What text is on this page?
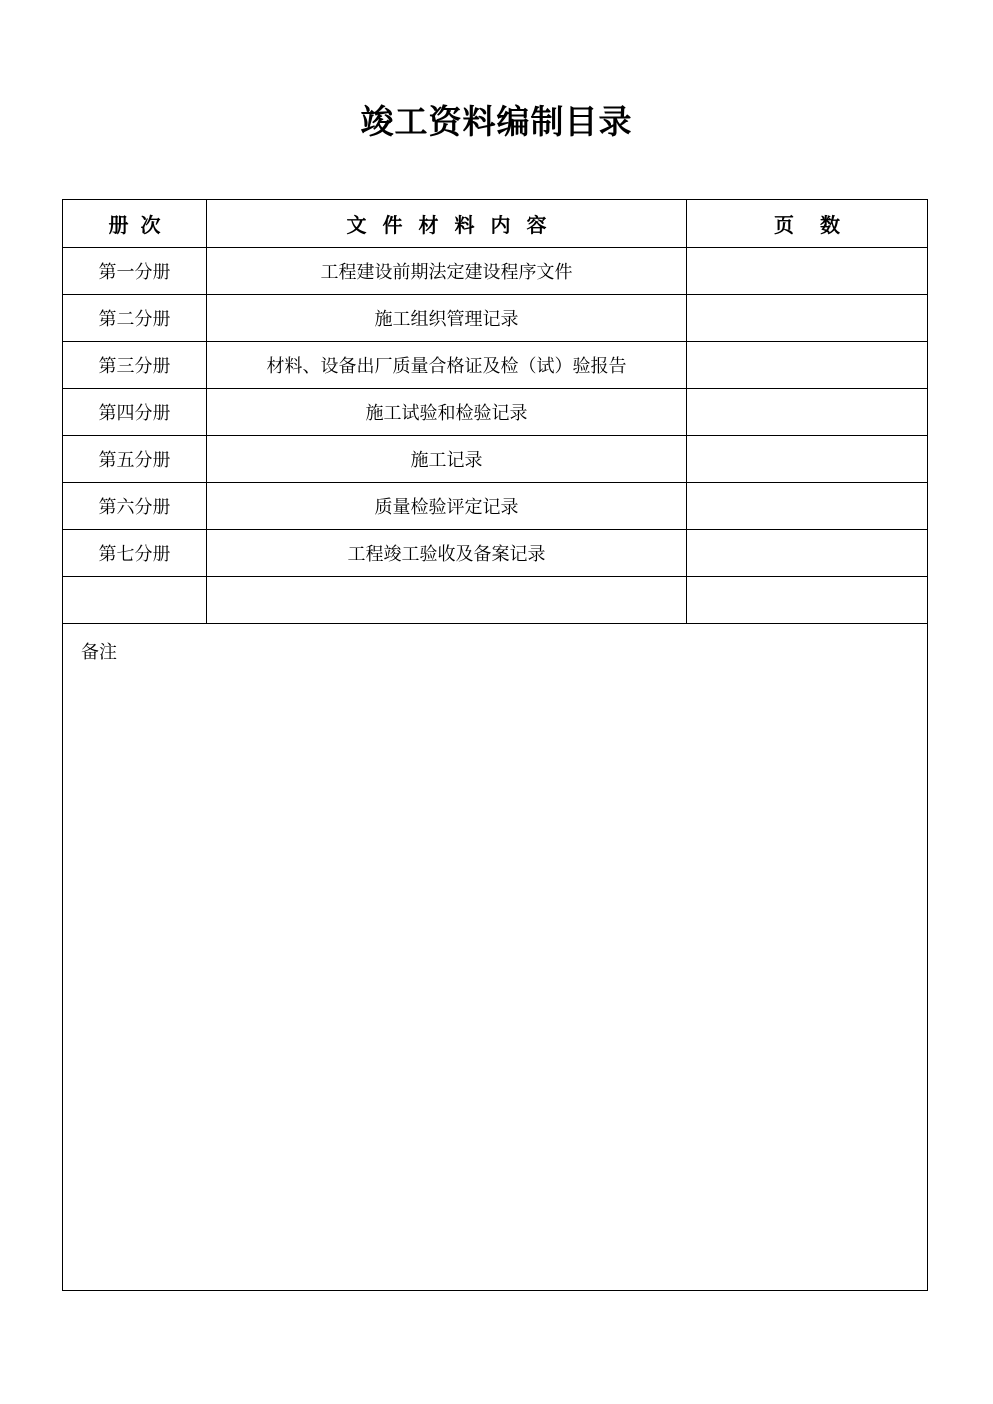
竣工资料编制目录
册次	文件材料内容	页数
第一分册	工程建设前期法定建设程序文件	
第二分册	施工组织管理记录	
第三分册	材料、设备出厂质量合格证及检（试）验报告	
第四分册	施工试验和检验记录	
第五分册	施工记录	
第六分册	质量检验评定记录	
第七分册	工程竣工验收及备案记录	

备注		
